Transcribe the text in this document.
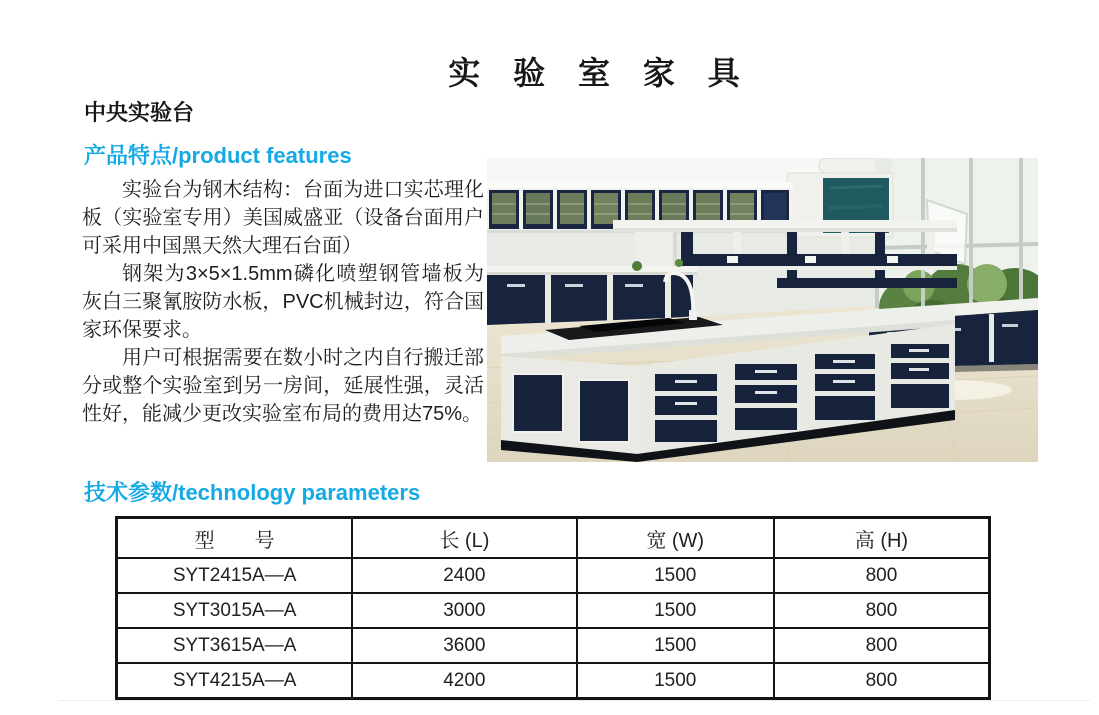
实 验 室 家 具
中央实验台
产品特点/product features

实验台为钢木结构：台面为进口实芯理化板（实验室专用）美国威盛亚（设备台面用户可采用中国黑天然大理石台面）

钢架为3×5×1.5mm磷化喷塑钢管墙板为灰白三聚氰胺防水板，PVC机械封边，符合国家环保要求。

用户可根据需要在数小时之内自行搬迁部分或整个实验室到另一房间，延展性强，灵活性好，能减少更改实验室布局的费用达75%。

技术参数/technology parameters
型　　号	长 (L)	宽 (W)	高 (H)
SYT2415A—A	2400	1500	800
SYT3015A—A	3000	1500	800
SYT3615A—A	3600	1500	800
SYT4215A—A	4200	1500	800
